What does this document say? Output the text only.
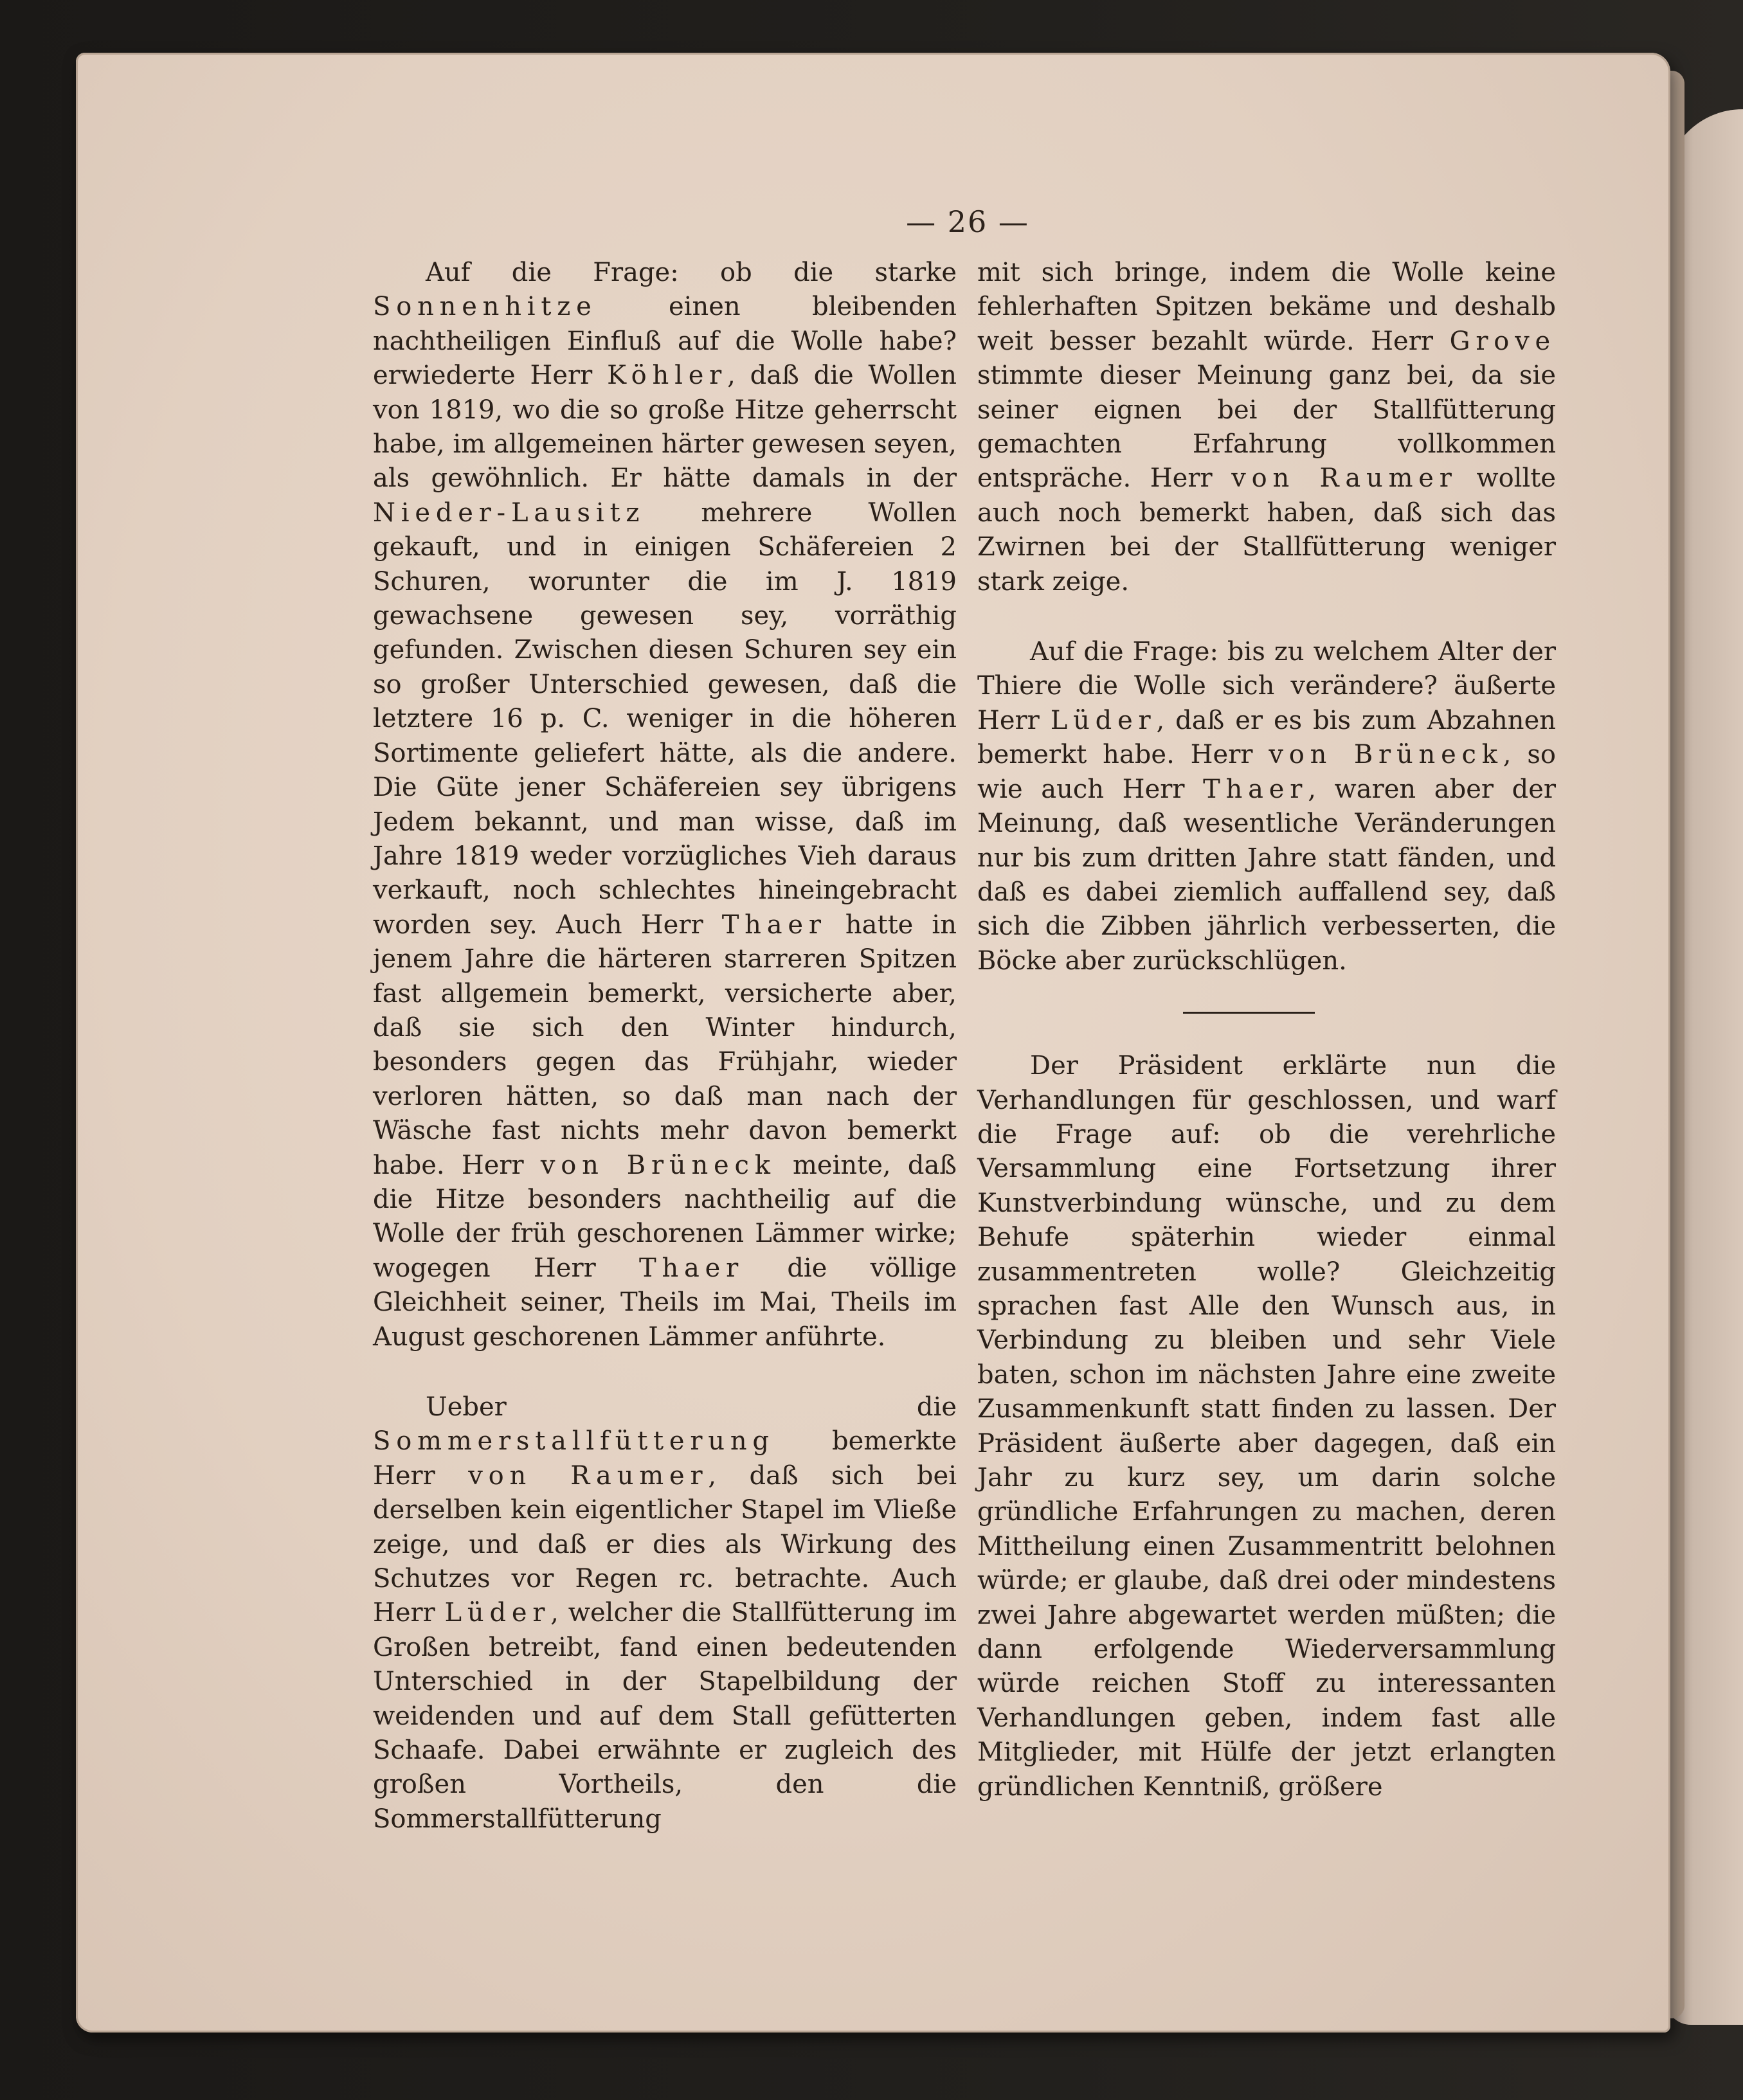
— 26 —

Auf die Frage: ob die starke Sonnenhitze einen bleibenden nachtheiligen Einfluß auf die Wolle habe? erwiederte Herr Köhler, daß die Wollen von 1819, wo die so große Hitze geherrscht habe, im allgemeinen härter gewesen seyen, als gewöhnlich. Er hätte damals in der Nieder-Lausitz mehrere Wollen gekauft, und in einigen Schäfereien 2 Schuren, worunter die im J. 1819 gewachsene gewesen sey, vorräthig gefunden. Zwischen diesen Schuren sey ein so großer Unterschied gewesen, daß die letztere 16 p. C. weniger in die höheren Sortimente geliefert hätte, als die andere. Die Güte jener Schäfereien sey übrigens Jedem bekannt, und man wisse, daß im Jahre 1819 weder vorzügliches Vieh daraus verkauft, noch schlechtes hineingebracht worden sey. Auch Herr Thaer hatte in jenem Jahre die härteren starreren Spitzen fast allgemein bemerkt, versicherte aber, daß sie sich den Winter hindurch, besonders gegen das Frühjahr, wieder verloren hätten, so daß man nach der Wäsche fast nichts mehr davon bemerkt habe. Herr von Brüneck meinte, daß die Hitze besonders nachtheilig auf die Wolle der früh geschorenen Lämmer wirke; wogegen Herr Thaer die völlige Gleichheit seiner, Theils im Mai, Theils im August geschorenen Lämmer anführte.

Ueber die Sommerstallfütterung bemerkte Herr von Raumer, daß sich bei derselben kein eigentlicher Stapel im Vließe zeige, und daß er dies als Wirkung des Schutzes vor Regen rc. betrachte. Auch Herr Lüder, welcher die Stallfütterung im Großen betreibt, fand einen bedeutenden Unterschied in der Stapelbildung der weidenden und auf dem Stall gefütterten Schaafe. Dabei erwähnte er zugleich des großen Vortheils, den die Sommerstallfütterung

mit sich bringe, indem die Wolle keine fehlerhaften Spitzen bekäme und deshalb weit besser bezahlt würde. Herr Grove stimmte dieser Meinung ganz bei, da sie seiner eignen bei der Stallfütterung gemachten Erfahrung vollkommen entspräche. Herr von Raumer wollte auch noch bemerkt haben, daß sich das Zwirnen bei der Stallfütterung weniger stark zeige.

Auf die Frage: bis zu welchem Alter der Thiere die Wolle sich verändere? äußerte Herr Lüder, daß er es bis zum Abzahnen bemerkt habe. Herr von Brüneck, so wie auch Herr Thaer, waren aber der Meinung, daß wesentliche Veränderungen nur bis zum dritten Jahre statt fänden, und daß es dabei ziemlich auffallend sey, daß sich die Zibben jährlich verbesserten, die Böcke aber zurückschlügen.

Der Präsident erklärte nun die Verhandlungen für geschlossen, und warf die Frage auf: ob die verehrliche Versammlung eine Fortsetzung ihrer Kunstverbindung wünsche, und zu dem Behufe späterhin wieder einmal zusammentreten wolle? Gleichzeitig sprachen fast Alle den Wunsch aus, in Verbindung zu bleiben und sehr Viele baten, schon im nächsten Jahre eine zweite Zusammenkunft statt finden zu lassen. Der Präsident äußerte aber dagegen, daß ein Jahr zu kurz sey, um darin solche gründliche Erfahrungen zu machen, deren Mittheilung einen Zusammentritt belohnen würde; er glaube, daß drei oder mindestens zwei Jahre abgewartet werden müßten; die dann erfolgende Wiederversammlung würde reichen Stoff zu interessanten Verhandlungen geben, indem fast alle Mitglieder, mit Hülfe der jetzt erlangten gründlichen Kenntniß, größere
